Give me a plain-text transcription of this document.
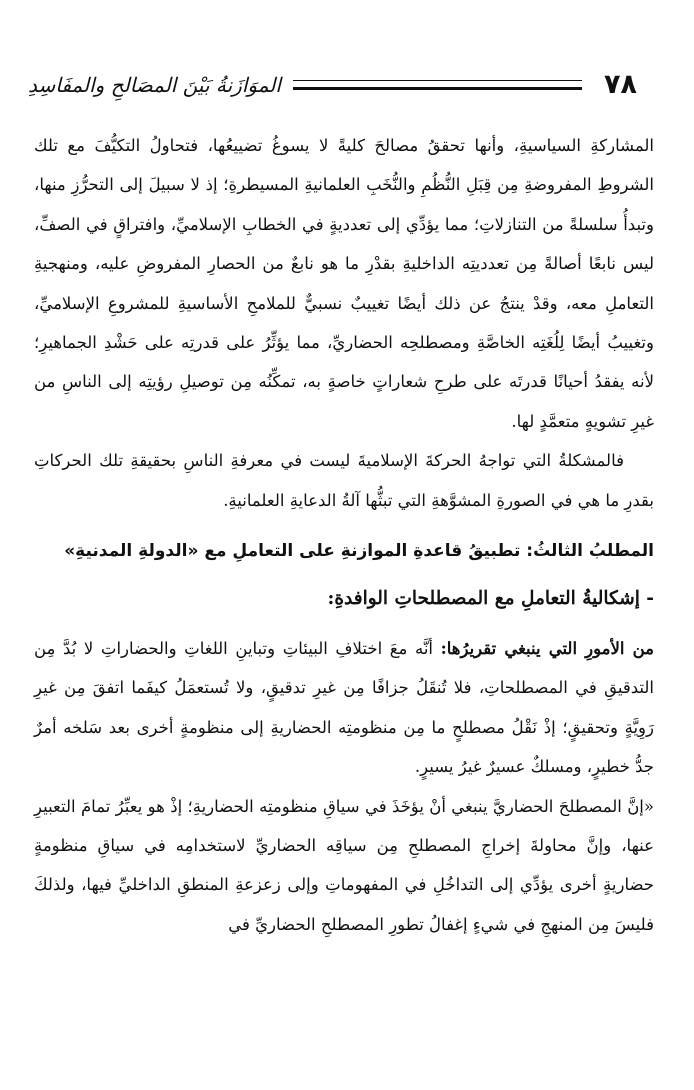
الموَازَنةُ بَيْنَ المصَالحِ والمفَاسِدِ	٧٨

المشاركةِ السياسيةِ، وأنها تحققُ مصالحَ كليةً لا يسوغُ تضييعُها، فتحاولُ التكيُّفَ مع تلك الشروطِ المفروضةِ مِن قِبَلِ النُّظُمِ والنُّخَبِ العلمانيةِ المسيطرةِ؛ إذ لا سبيلَ إلى التحرُّزِ منها، وتبدأُ سلسلةً من التنازلاتِ؛ مما يؤدِّي إلى تعدديةٍ في الخطابِ الإسلاميِّ، وافتراقٍ في الصفِّ، ليس نابعًا أصالةً مِن تعدديتِه الداخليةِ بقدْرِ ما هو نابعٌ من الحصارِ المفروضِ عليه، ومنهجيةِ التعاملِ معه، وقدْ ينتجُ عن ذلك أيضًا تغييبٌ نسبيٌّ للملامحِ الأساسيةِ للمشروعِ الإسلاميِّ، وتغييبُ أيضًا لِلُغَتِه الخاصَّةِ ومصطلحِه الحضاريِّ، مما يؤثِّرُ على قدرتِه على حَشْدِ الجماهيرِ؛ لأنه يفقدُ أحيانًا قدرتَه على طرحِ شعاراتٍ خاصةٍ به، تمكِّنُه مِن توصيلِ رؤيتِه إلى الناسِ من غيرِ تشويهٍ متعمَّدٍ لها.

فالمشكلةُ التي تواجهُ الحركةَ الإسلاميةَ ليست في معرفةِ الناسِ بحقيقةِ تلك الحركاتِ بقدرِ ما هي في الصورةِ المشوَّهةِ التي تبثُّها آلةُ الدعايةِ العلمانيةِ.

المطلبُ الثالثُ: تطبيقُ قاعدةِ الموازنةِ على التعاملِ مع «الدولةِ المدنيةِ»

- إشكاليةُ التعاملِ مع المصطلحاتِ الوافدةِ:

من الأمورِ التي ينبغي تقريرُها: أنَّه معَ اختلافِ البيئاتِ وتباينِ اللغاتِ والحضاراتِ لا بُدَّ مِن التدقيقِ في المصطلحاتِ، فلا تُنقَلُ جزافًا مِن غيرِ تدقيقٍ، ولا تُستعمَلُ كيفَما اتفقَ مِن غيرِ رَوِيَّةٍ وتحقيقٍ؛ إذْ نَقْلُ مصطلحٍ ما مِن منظومتِه الحضاريةِ إلى منظومةٍ أخرى بعد سَلخه أمرٌ جدُّ خطيرٍ، ومسلكٌ عسيرٌ غيرُ يسيرٍ.

«إنَّ المصطلحَ الحضاريَّ ينبغي أنْ يؤخَذَ في سياقِ منظومتِه الحضاريةِ؛ إذْ هو يعبِّرُ تمامَ التعبيرِ عنها، وإنَّ محاولةَ إخراجِ المصطلحِ مِن سياقِه الحضاريِّ لاستخدامِه في سياقِ منظومةٍ حضاريةٍ أخرى يؤدِّي إلى التداخُلِ في المفهوماتِ وإلى زعزعةِ المنطقِ الداخليِّ فيها، ولذلكَ فليسَ مِن المنهجِ في شيءٍ إغفالُ تطورِ المصطلحِ الحضاريِّ في
